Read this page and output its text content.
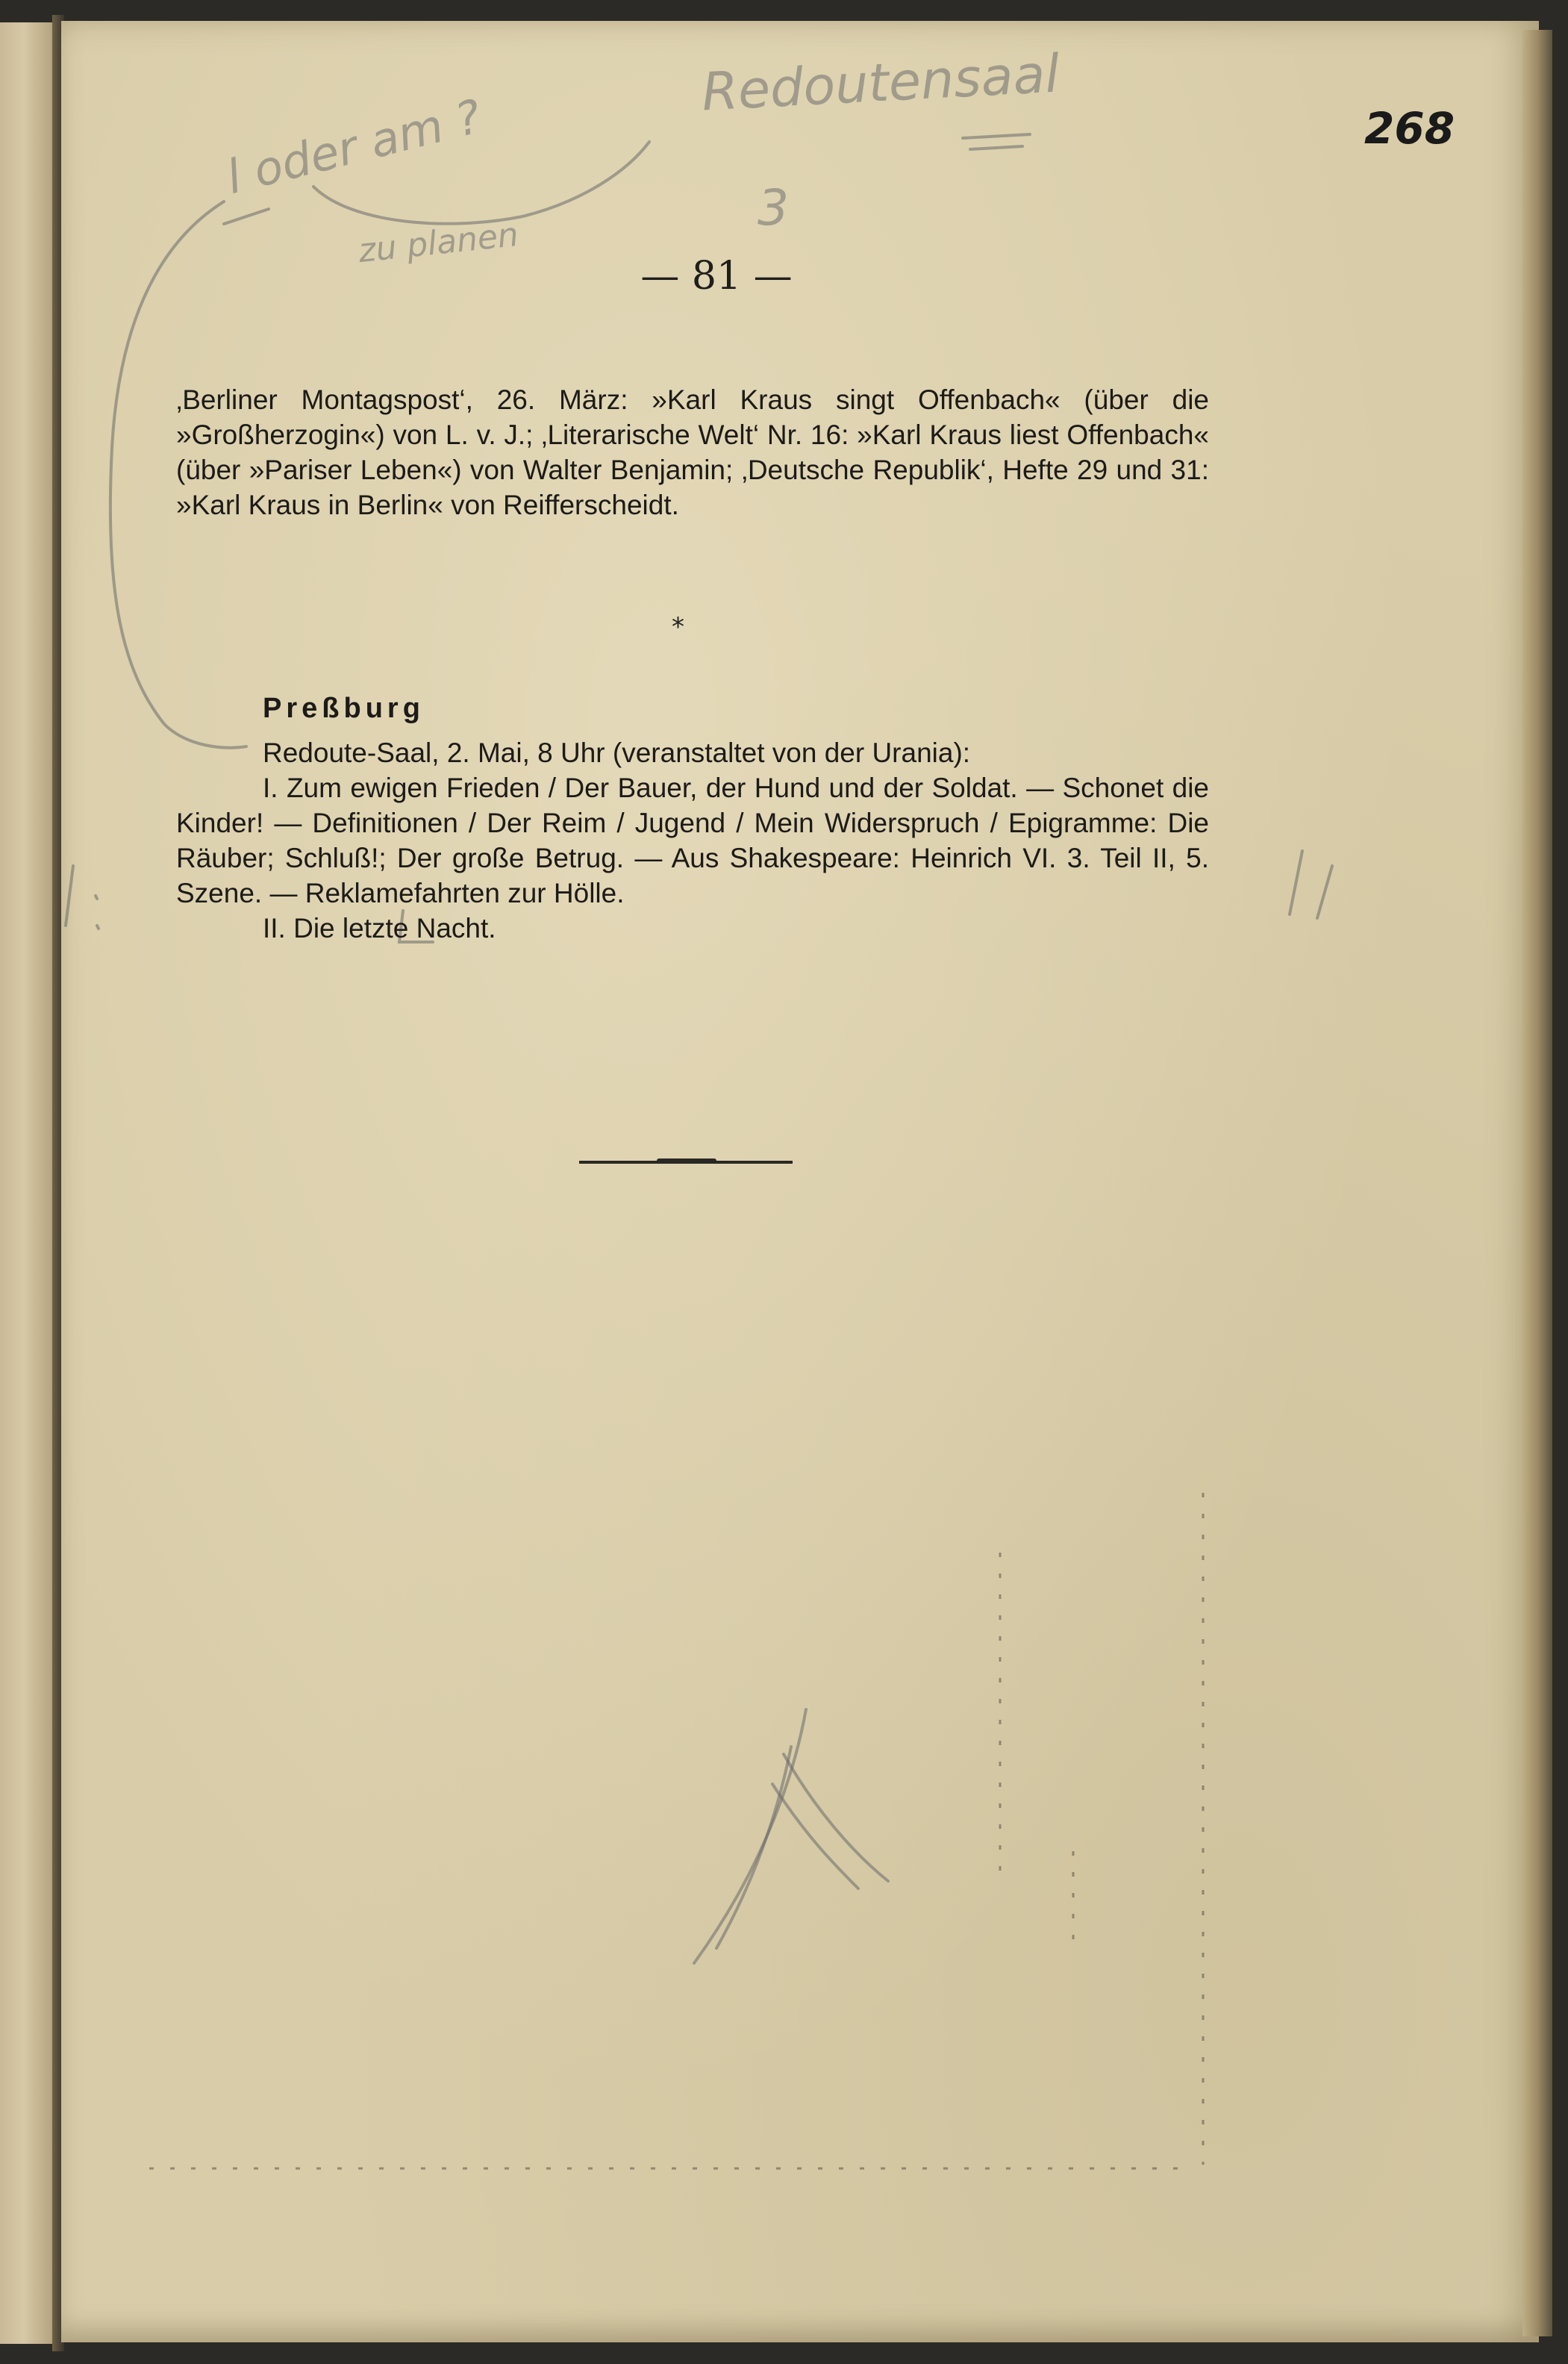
Redoutensaal
l oder am ?
zu planen
3
268
— 81 —

‚Berliner Montagspost‘, 26. März: »Karl Kraus singt Offenbach« (über die »Großherzogin«) von L. v. J.; ‚Literarische Welt‘ Nr. 16: »Karl Kraus liest Offenbach« (über »Pariser Leben«) von Walter Benjamin; ‚Deutsche Republik‘, Hefte 29 und 31: »Karl Kraus in Berlin« von Reifferscheidt.

*
Preßburg

Redoute-Saal, 2. Mai, 8 Uhr (veranstaltet von der Urania):

I. Zum ewigen Frieden / Der Bauer, der Hund und der Soldat. — Schonet die Kinder! — Definitionen / Der Reim / Jugend / Mein Widerspruch / Epigramme: Die Räuber; Schluß!; Der große Betrug. — Aus Shakespeare: Heinrich VI. 3. Teil II, 5. Szene. — Reklamefahrten zur Hölle.

II. Die letzte Nacht.
